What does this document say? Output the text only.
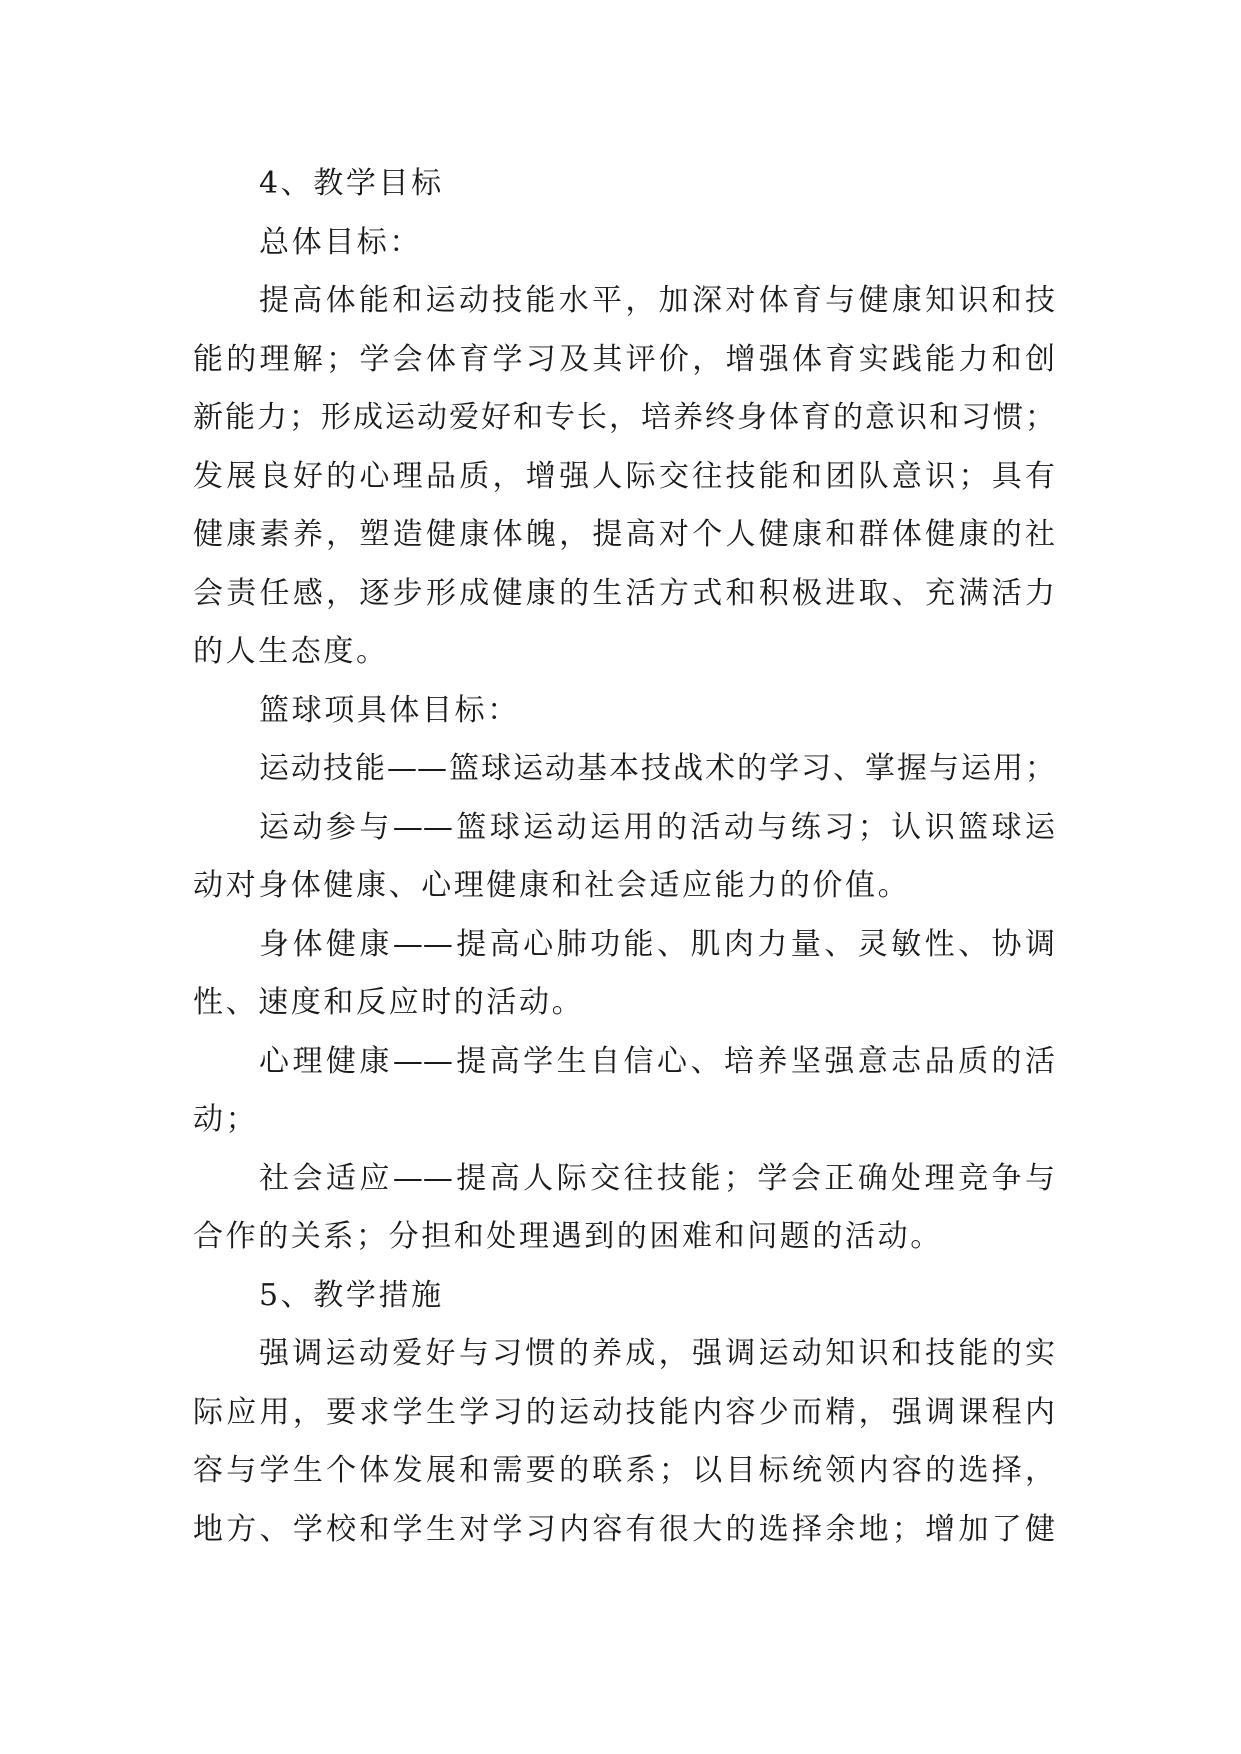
4、教学目标
总体目标：
提高体能和运动技能水平，加深对体育与健康知识和技
能的理解；学会体育学习及其评价，增强体育实践能力和创
新能力；形成运动爱好和专长，培养终身体育的意识和习惯；
发展良好的心理品质，增强人际交往技能和团队意识；具有
健康素养，塑造健康体魄，提高对个人健康和群体健康的社
会责任感，逐步形成健康的生活方式和积极进取、充满活力
的人生态度。
篮球项具体目标：
运动技能——篮球运动基本技战术的学习、掌握与运用；
运动参与——篮球运动运用的活动与练习；认识篮球运
动对身体健康、心理健康和社会适应能力的价值。
身体健康——提高心肺功能、肌肉力量、灵敏性、协调
性、速度和反应时的活动。
心理健康——提高学生自信心、培养坚强意志品质的活
动；
社会适应——提高人际交往技能；学会正确处理竞争与
合作的关系；分担和处理遇到的困难和问题的活动。
5、教学措施
强调运动爱好与习惯的养成，强调运动知识和技能的实
际应用，要求学生学习的运动技能内容少而精，强调课程内
容与学生个体发展和需要的联系；以目标统领内容的选择，
地方、学校和学生对学习内容有很大的选择余地；增加了健
